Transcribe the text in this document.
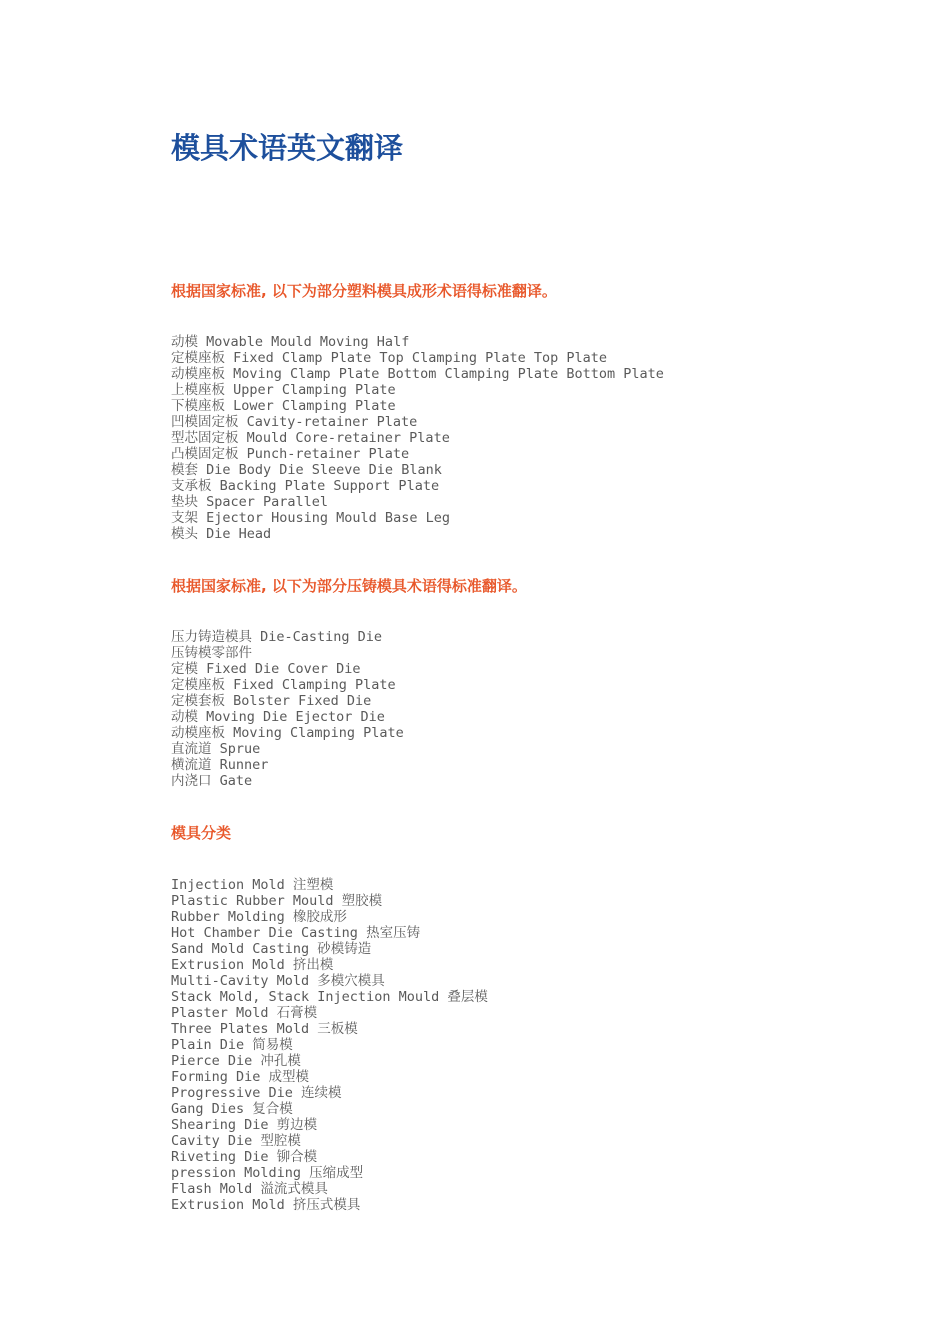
模具术语英文翻译
根据国家标准, 以下为部分塑料模具成形术语得标准翻译。
动模 Movable Mould Moving Half
定模座板 Fixed Clamp Plate Top Clamping Plate Top Plate
动模座板 Moving Clamp Plate Bottom Clamping Plate Bottom Plate
上模座板 Upper Clamping Plate
下模座板 Lower Clamping Plate
凹模固定板 Cavity-retainer Plate
型芯固定板 Mould Core-retainer Plate
凸模固定板 Punch-retainer Plate
模套 Die Body Die Sleeve Die Blank
支承板 Backing Plate Support Plate
垫块 Spacer Parallel
支架 Ejector Housing Mould Base Leg
模头 Die Head
根据国家标准, 以下为部分压铸模具术语得标准翻译。
压力铸造模具 Die-Casting Die
压铸模零部件
定模 Fixed Die Cover Die
定模座板 Fixed Clamping Plate
定模套板 Bolster Fixed Die
动模 Moving Die Ejector Die
动模座板 Moving Clamping Plate
直流道 Sprue
横流道 Runner
内浇口 Gate
模具分类
Injection Mold 注塑模
Plastic Rubber Mould 塑胶模
Rubber Molding 橡胶成形
Hot Chamber Die Casting 热室压铸
Sand Mold Casting 砂模铸造
Extrusion Mold 挤出模
Multi-Cavity Mold 多模穴模具
Stack Mold, Stack Injection Mould 叠层模
Plaster Mold 石膏模
Three Plates Mold 三板模
Plain Die 简易模
Pierce Die 冲孔模
Forming Die 成型模
Progressive Die 连续模
Gang Dies 复合模
Shearing Die 剪边模
Cavity Die 型腔模
Riveting Die 铆合模
pression Molding 压缩成型
Flash Mold 溢流式模具
Extrusion Mold 挤压式模具
